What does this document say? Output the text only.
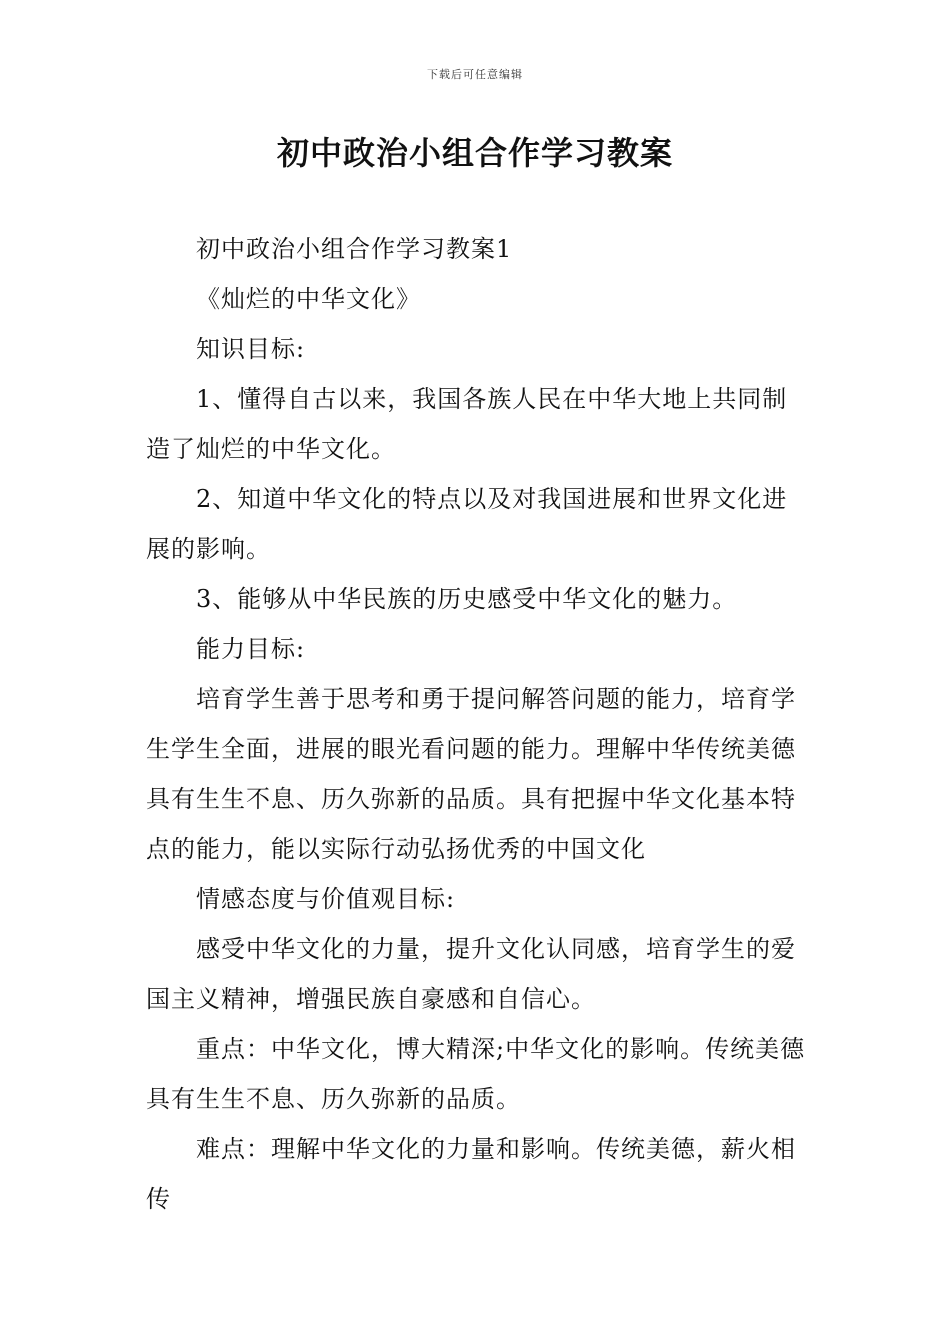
下载后可任意编辑
初中政治小组合作学习教案

初中政治小组合作学习教案1

《灿烂的中华文化》

知识目标:

1、懂得自古以来，我国各族人民在中华大地上共同制造了灿烂的中华文化。

2、知道中华文化的特点以及对我国进展和世界文化进展的影响。

3、能够从中华民族的历史感受中华文化的魅力。

能力目标:

培育学生善于思考和勇于提问解答问题的能力，培育学生学生全面，进展的眼光看问题的能力。理解中华传统美德具有生生不息、历久弥新的品质。具有把握中华文化基本特点的能力，能以实际行动弘扬优秀的中国文化

情感态度与价值观目标:

感受中华文化的力量，提升文化认同感，培育学生的爱国主义精神，增强民族自豪感和自信心。

重点：中华文化，博大精深;中华文化的影响。传统美德具有生生不息、历久弥新的品质。

难点：理解中华文化的力量和影响。传统美德，薪火相传
